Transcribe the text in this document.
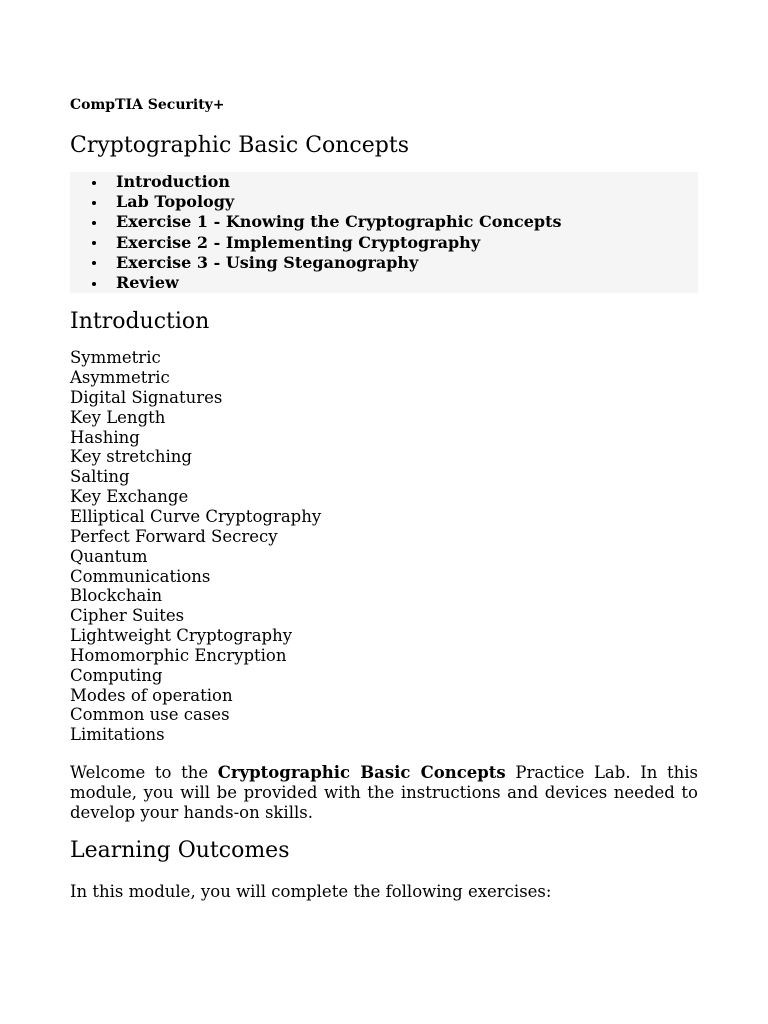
CompTIA Security+

Cryptographic Basic Concepts
Introduction
Lab Topology
Exercise 1 - Knowing the Cryptographic Concepts
Exercise 2 - Implementing Cryptography
Exercise 3 - Using Steganography
Review
Introduction
Symmetric
Asymmetric
Digital Signatures
Key Length
Hashing
Key stretching
Salting
Key Exchange
Elliptical Curve Cryptography
Perfect Forward Secrecy
Quantum
Communications
Blockchain
Cipher Suites
Lightweight Cryptography
Homomorphic Encryption
Computing
Modes of operation
Common use cases
Limitations

Welcome to the Cryptographic Basic Concepts Practice Lab. In this module, you will be provided with the instructions and devices needed to develop your hands-on skills.

Learning Outcomes

In this module, you will complete the following exercises:
